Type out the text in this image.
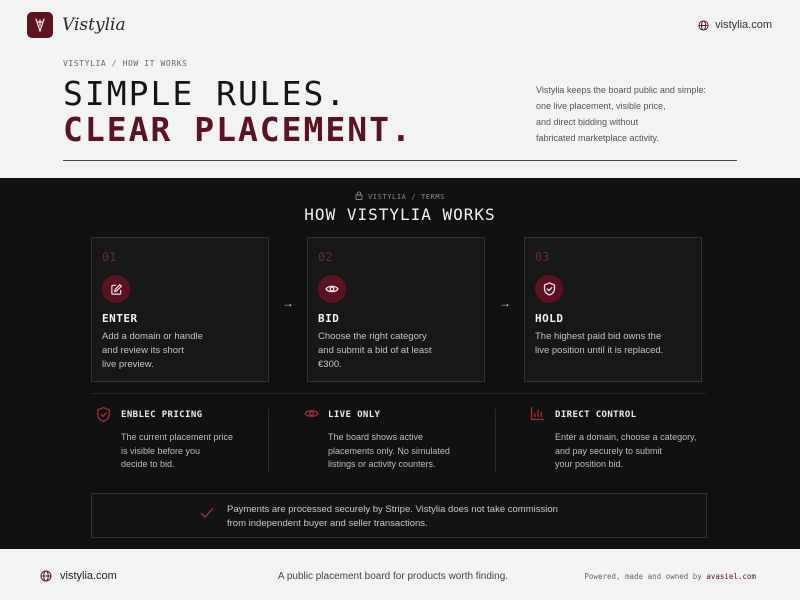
Vistylia	vistylia.com
VISTYLIA / HOW IT WORKS
SIMPLE RULES.
CLEAR PLACEMENT.
Vistylia keeps the board public and simple:
one live placement, visible price,
and direct bidding without
fabricated marketplace activity.
VISTYLIA / TERMS
HOW VISTYLIA WORKS
01
ENTER
Add a domain or handle
and review its short
live preview.
→
02
BID
Choose the right category
and submit a bid of at least
€300.
→
03
HOLD
The highest paid bid owns the
live position until it is replaced.
ENBLEC PRICING
The current placement price
is visible before you
decide to bid.
LIVE ONLY
The board shows active
placements only. No simulated
listings or activity counters.
DIRECT CONTROL
Enter a domain, choose a category,
and pay securely to submit
your position bid.
Payments are processed securely by Stripe. Vistylia does not take commission
from independent buyer and seller transactions.
vistylia.com	A public placement board for products worth finding.	Powered, made and owned by avasiel.com
